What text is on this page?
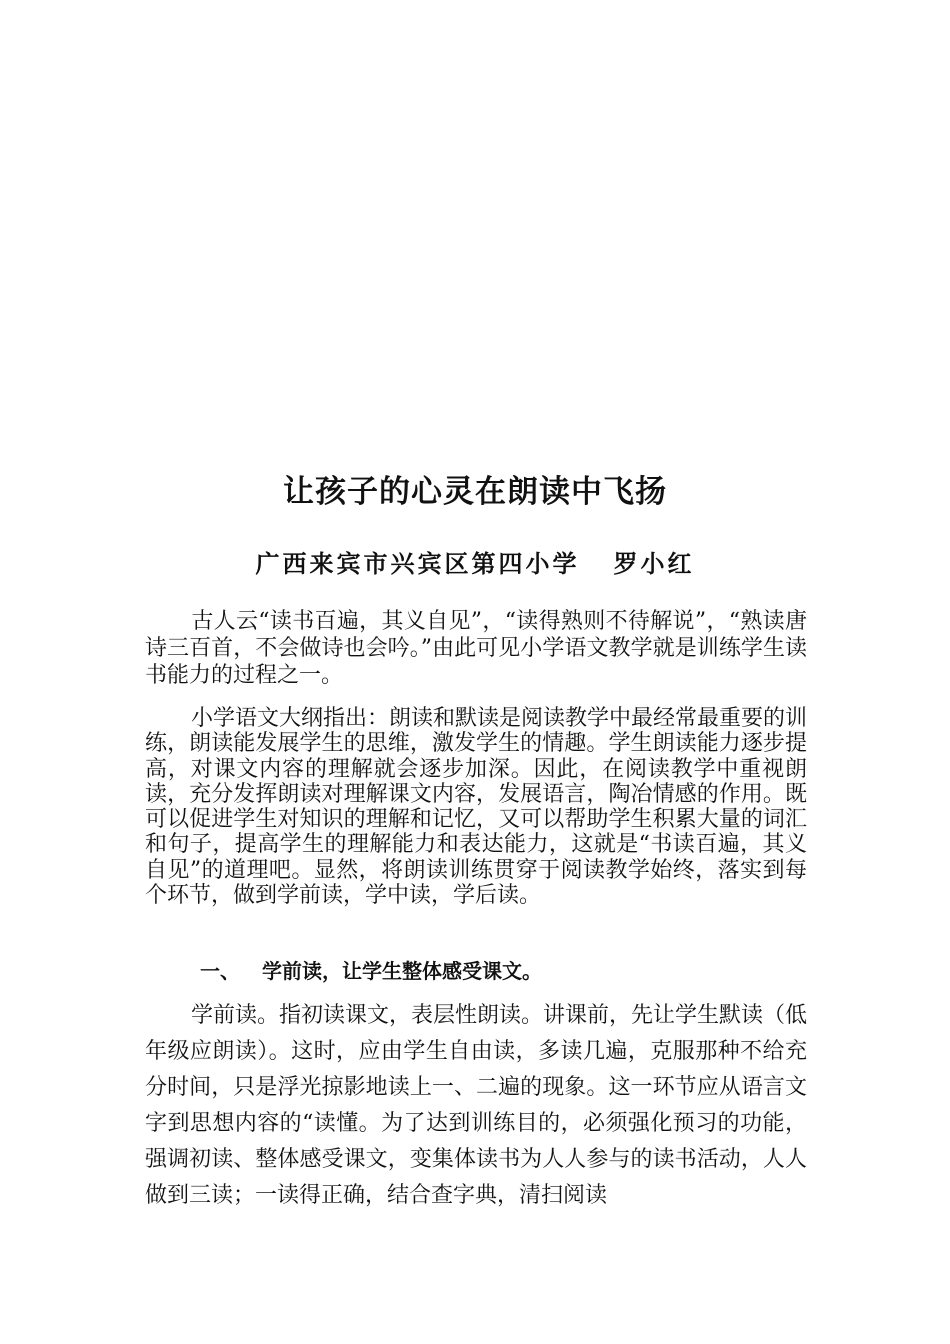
让孩子的心灵在朗读中飞扬
广西来宾市兴宾区第四小学   罗小红

古人云“读书百遍，其义自见”，“读得熟则不待解说”，“熟读唐诗三百首，不会做诗也会吟。”由此可见小学语文教学就是训练学生读书能力的过程之一。

小学语文大纲指出：朗读和默读是阅读教学中最经常最重要的训练，朗读能发展学生的思维，激发学生的情趣。学生朗读能力逐步提高，对课文内容的理解就会逐步加深。因此，在阅读教学中重视朗读，充分发挥朗读对理解课文内容，发展语言，陶冶情感的作用。既可以促进学生对知识的理解和记忆，又可以帮助学生积累大量的词汇和句子，提高学生的理解能力和表达能力，这就是“书读百遍，其义自见”的道理吧。显然，将朗读训练贯穿于阅读教学始终，落实到每个环节，做到学前读，学中读，学后读。

一、 学前读，让学生整体感受课文。

学前读。指初读课文，表层性朗读。讲课前，先让学生默读（低年级应朗读）。这时，应由学生自由读，多读几遍，克服那种不给充分时间，只是浮光掠影地读上一、二遍的现象。这一环节应从语言文字到思想内容的“读懂。为了达到训练目的，必须强化预习的功能，强调初读、整体感受课文，变集体读书为人人参与的读书活动，人人做到三读；一读得正确，结合查字典，清扫阅读
